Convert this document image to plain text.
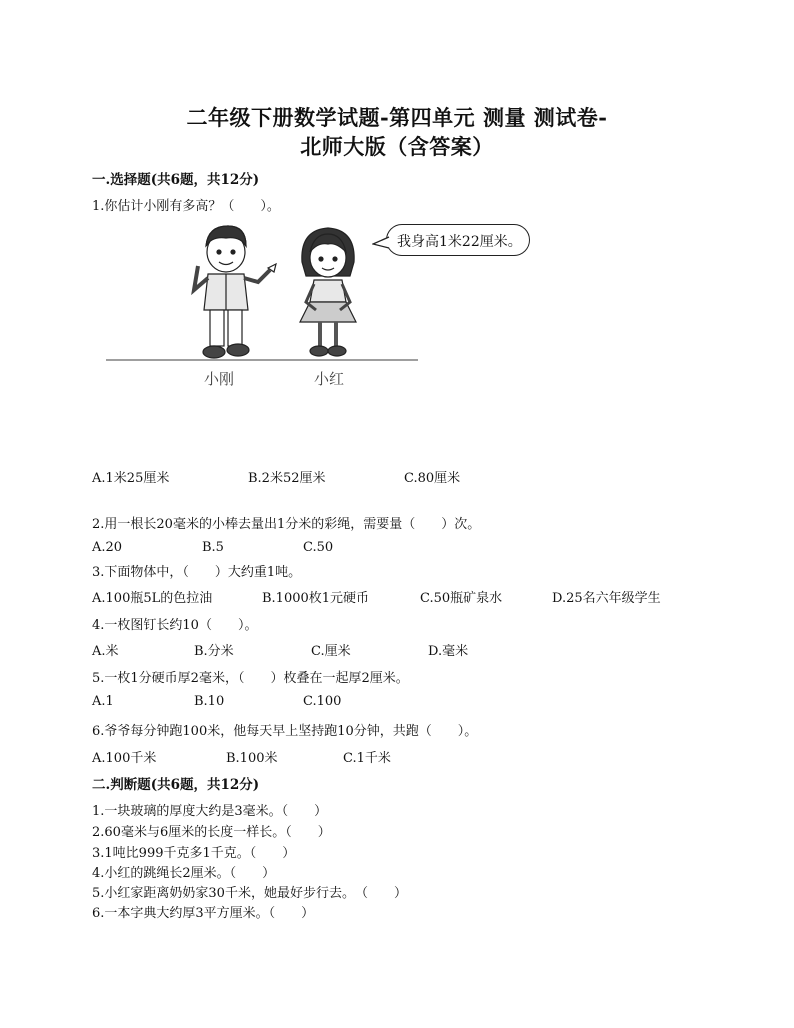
二年级下册数学试题-第四单元 测量 测试卷-
北师大版（含答案）
一.选择题(共6题，共12分)
1.你估计小刚有多高？（　　）。
我身高1米22厘米。
小刚	小红
A.1米25厘米	B.2米52厘米	C.80厘米
2.用一根长20毫米的小棒去量出1分米的彩绳，需要量（　　）次。
A.20	B.5	C.50
3.下面物体中，（　　）大约重1吨。
A.100瓶5L的色拉油	B.1000枚1元硬币	C.50瓶矿泉水	D.25名六年级学生
4.一枚图钉长约10（　　）。
A.米	B.分米	C.厘米	D.毫米
5.一枚1分硬币厚2毫米，（　　）枚叠在一起厚2厘米。
A.1	B.10	C.100
6.爷爷每分钟跑100米，他每天早上坚持跑10分钟，共跑（　　）。
A.100千米	B.100米	C.1千米
二.判断题(共6题，共12分)
1.一块玻璃的厚度大约是3毫米。（　　）
2.60毫米与6厘米的长度一样长。（　　）
3.1吨比999千克多1千克。（　　）
4.小红的跳绳长2厘米。（　　）
5.小红家距离奶奶家30千米，她最好步行去。　（　　）
6.一本字典大约厚3平方厘米。（　　）
